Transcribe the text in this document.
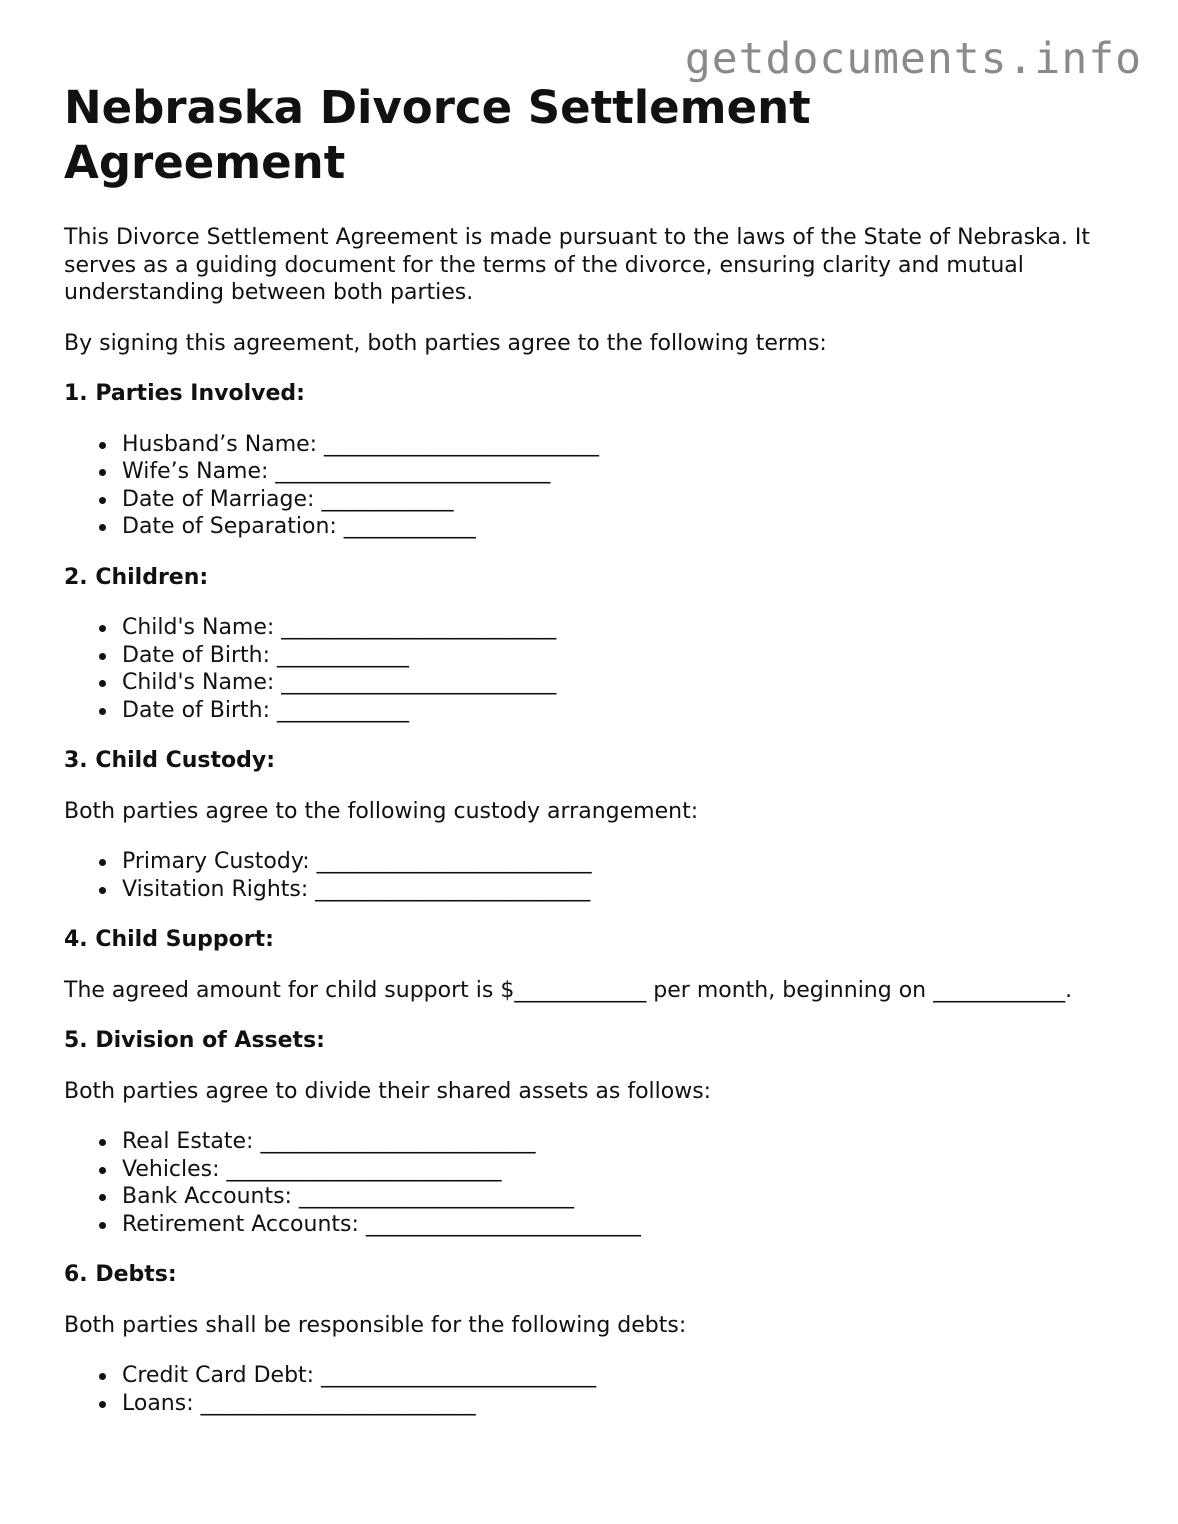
getdocuments.info
Nebraska Divorce Settlement Agreement

This Divorce Settlement Agreement is made pursuant to the laws of the State of Nebraska. It serves as a guiding document for the terms of the divorce, ensuring clarity and mutual understanding between both parties.

By signing this agreement, both parties agree to the following terms:

1. Parties Involved:
Husband’s Name: _________________________
Wife’s Name: _________________________
Date of Marriage: ____________
Date of Separation: ____________
2. Children:
Child's Name: _________________________
Date of Birth: ____________
Child's Name: _________________________
Date of Birth: ____________
3. Child Custody:

Both parties agree to the following custody arrangement:

Primary Custody: _________________________
Visitation Rights: _________________________
4. Child Support:

The agreed amount for child support is $____________ per month, beginning on ____________.

5. Division of Assets:

Both parties agree to divide their shared assets as follows:

Real Estate: _________________________
Vehicles: _________________________
Bank Accounts: _________________________
Retirement Accounts: _________________________
6. Debts:

Both parties shall be responsible for the following debts:

Credit Card Debt: _________________________
Loans: _________________________
